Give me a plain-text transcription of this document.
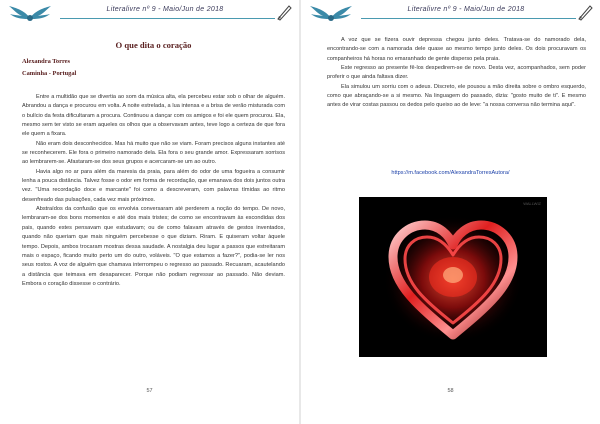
Literalivre nº 9 - Maio/Jun de 2018

O que dita o coração

Alexandra Torres

Caminha - Portugal

Entre a multidão que se divertia ao som da música alta, ela percebeu estar sob o olhar de alguém. Abrandou a dança e procurou em volta. A noite estrelada, a lua intensa e a brisa de verão misturada com o bulício da festa dificultaram a procura. Continuou a dançar com os amigos e foi ele quem procurou. Ela, mesmo sem ter visto se eram aqueles os olhos que a observavam antes, teve logo a certeza de que fora ele quem a fixara.

Não eram dois desconhecidos. Mas há muito que não se viam. Foram precisos alguns instantes até se reconhecerem. Ele fora o primeiro namorado dela. Ela fora o seu grande amor. Expressaram sorrisos ao lembrarem-se. Afastaram-se dos seus grupos e acercaram-se um ao outro.

Havia algo no ar para além da maresia da praia, para além do odor de uma fogueira a consumir lenha a pouca distância. Talvez fosse o odor em forma de recordação, que emanava dos dois juntos outra vez. "Uma recordação doce e marcante" foi como a descreveram, com palavras tímidas ao ritmo desenfreado das pulsações, cada vez mais próximos.

Abstraídos da confusão que os envolvia conversaram até perderem a noção do tempo. De novo, lembraram-se dos bons momentos e até dos mais tristes; de como se encontravam às escondidas dos pais, quando estes pensavam que estudavam; ou de como falavam através de gestos inventados, quando não queriam que mais ninguém percebesse o que diziam. Riram. E quiseram voltar àquele tempo. Depois, ambos trocaram mostras dessa saudade. A nostalgia deu lugar a passos que estreitaram mais o espaço, ficando muito perto um do outro, voláveis. "O que estamos a fazer?", podia-se ler nos seus rostos. A voz de alguém que chamava interrompeu o regresso ao passado. Recuaram, acautelando a distância que teimava em desaparecer. Porque não podiam regressar ao passado. Não deviam. Embora o coração dissesse o contrário.

57
Literalivre nº 9 - Maio/Jun de 2018

A voz que se fizera ouvir depressa chegou junto deles. Tratava-se do namorado dela, encontrando-se com a namorada dele quase ao mesmo tempo junto deles. Os dois procuravam os companheiros há horas no emaranhado de gente disperso pela praia.

Este regresso ao presente fê-los despedirem-se de novo. Desta vez, acompanhados, sem poder proferir o que ainda faltava dizer.

Ela simulou um sorriu com o adeus. Discreto, ele pousou a mão direita sobre o ombro esquerdo, como que abraçando-se a si mesmo. Na linguagem do passado, dizia: "gosto muito de ti". E mesmo antes de virar costas passou os dedos pelo queixo ao de leve: "a nossa conversa não termina aqui".

https://m.facebook.com/AlexandraTorresAutora/
WALLWIZ
58
